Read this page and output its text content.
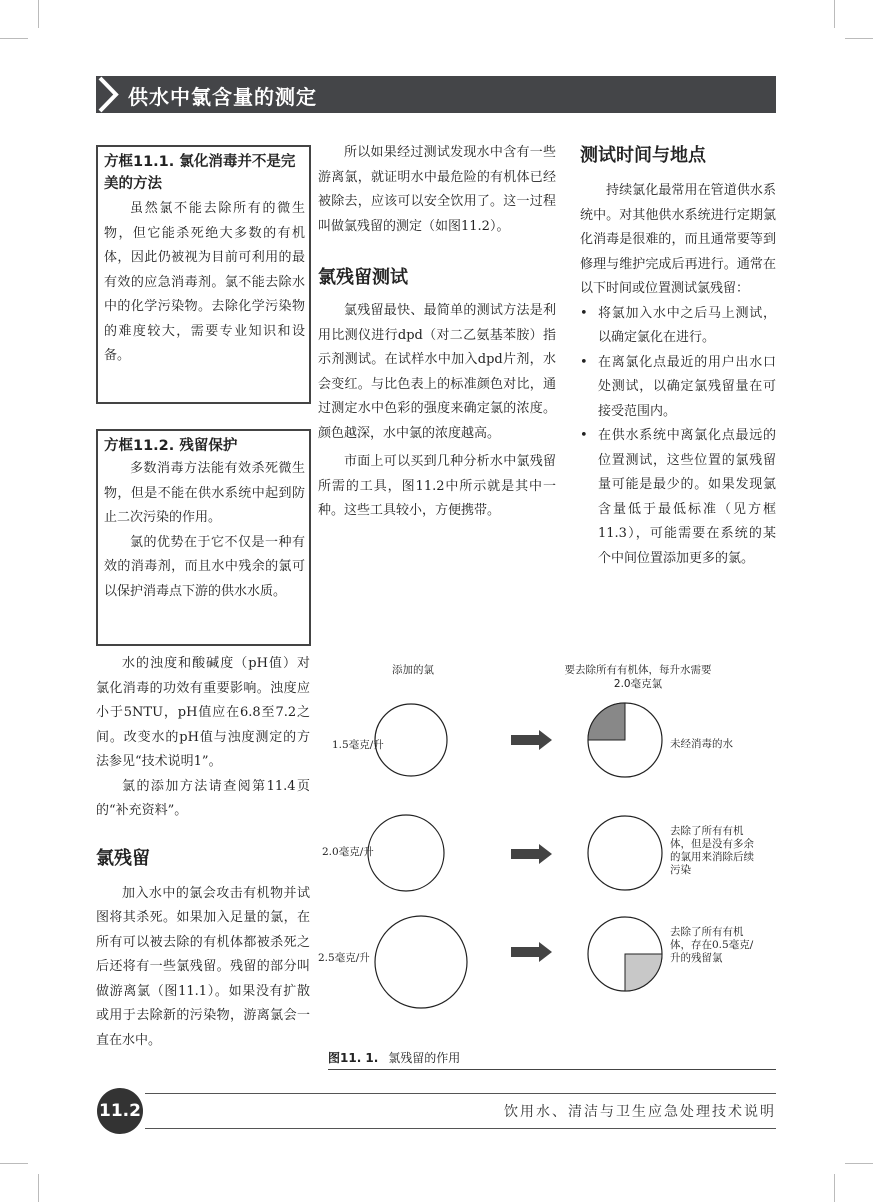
供水中氯含量的测定
方框11.1. 氯化消毒并不是完美的方法

虽然氯不能去除所有的微生物，但它能杀死绝大多数的有机体，因此仍被视为目前可利用的最有效的应急消毒剂。氯不能去除水中的化学污染物。去除化学污染物的难度较大，需要专业知识和设备。

方框11.2. 残留保护

多数消毒方法能有效杀死微生物，但是不能在供水系统中起到防止二次污染的作用。

氯的优势在于它不仅是一种有效的消毒剂，而且水中残余的氯可以保护消毒点下游的供水水质。

水的浊度和酸碱度（pH值）对氯化消毒的功效有重要影响。浊度应小于5NTU，pH值应在6.8至7.2之间。改变水的pH值与浊度测定的方法参见“技术说明1”。

氯的添加方法请查阅第11.4页的“补充资料”。

氯残留

加入水中的氯会攻击有机物并试图将其杀死。如果加入足量的氯，在所有可以被去除的有机体都被杀死之后还将有一些氯残留。残留的部分叫做游离氯（图11.1）。如果没有扩散或用于去除新的污染物，游离氯会一直在水中。

所以如果经过测试发现水中含有一些游离氯，就证明水中最危险的有机体已经被除去，应该可以安全饮用了。这一过程叫做氯残留的测定（如图11.2）。

氯残留测试

氯残留最快、最简单的测试方法是利用比测仪进行dpd（对二乙氨基苯胺）指示剂测试。在试样水中加入dpd片剂，水会变红。与比色表上的标准颜色对比，通过测定水中色彩的强度来确定氯的浓度。颜色越深，水中氯的浓度越高。

市面上可以买到几种分析水中氯残留所需的工具，图11.2中所示就是其中一种。这些工具较小，方便携带。

测试时间与地点

持续氯化最常用在管道供水系统中。对其他供水系统进行定期氯化消毒是很难的，而且通常要等到修理与维护完成后再进行。通常在以下时间或位置测试氯残留：

• 将氯加入水中之后马上测试，以确定氯化在进行。
• 在离氯化点最近的用户出水口处测试，以确定氯残留量在可接受范围内。
• 在供水系统中离氯化点最远的位置测试，这些位置的氯残留量可能是最少的。如果发现氯含量低于最低标准（见方框11.3），可能需要在系统的某个中间位置添加更多的氯。
添加的氯	要去除所有有机体，每升水需要2.0毫克氯
1.5毫克/升
2.0毫克/升
2.5毫克/升
未经消毒的水
去除了所有有机体，但是没有多余的氯用来消除后续污染
去除了所有有机体，存在0.5毫克/升的残留氯
图11. 1. 氯残留的作用
11.2	饮用水、清洁与卫生应急处理技术说明
